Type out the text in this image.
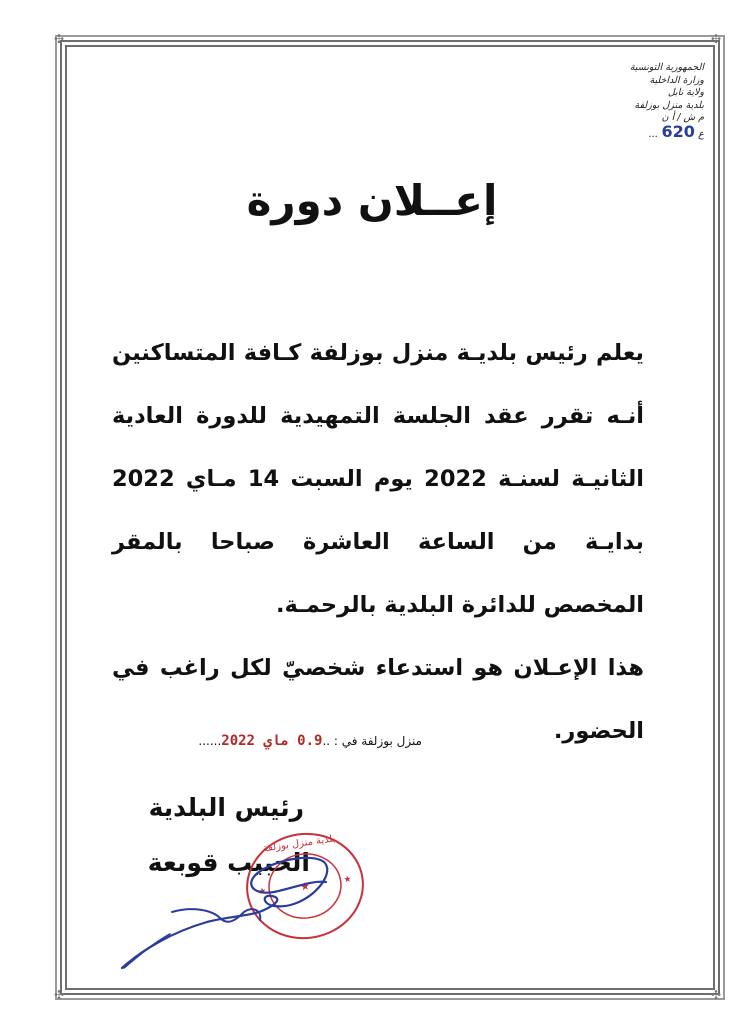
✣	✣
✣	✣
الجمهورية التونسية
وزارة الداخلية
ولاية نابل
بلدية منزل بوزلفة
م ش / أ ن
ع 620 ...
إعــلان دورة

يعلم رئيس بلديـة منزل بوزلفة كـافة المتساكنين أنـه تقرر عقد الجلسة التمهيدية للدورة العادية الثانيـة لسنـة 2022 يوم السبت 14 مـاي 2022 بدايـة من الساعة العاشرة صباحا بالمقر المخصص للدائرة البلدية بالرحمـة.

هذا الإعـلان هو استدعاء شخصيّ لكل راغب في الحضور.

منزل بوزلفة في : ..0.9 ماي 2022......
رئيس البلدية
الحبيب قوبعة
★
★
★
بلدية منزل بوزلفة
